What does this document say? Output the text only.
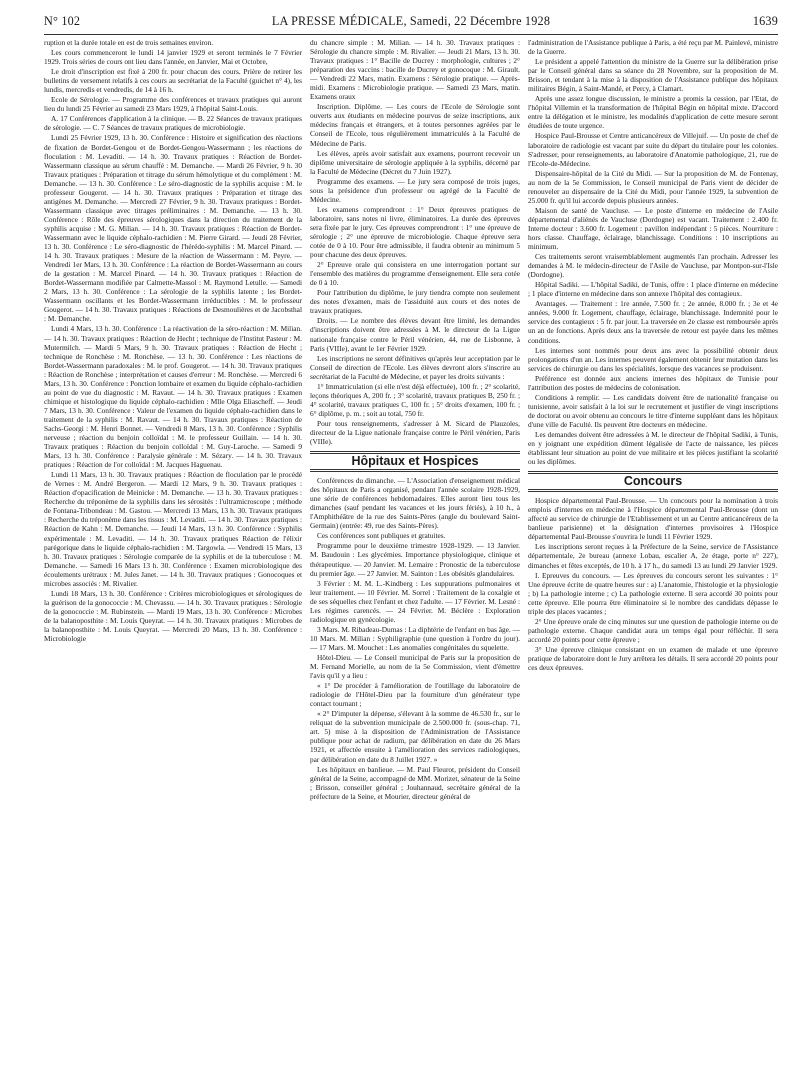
N° 102	LA PRESSE MÉDICALE, Samedi, 22 Décembre 1928	1639

ruption et la durée totale en est de trois semaines environ.

Les cours commenceront le lundi 14 janvier 1929 et seront terminés le 7 Février 1929. Trois séries de cours ont lieu dans l'année, en Janvier, Mai et Octobre,

Le droit d'inscription est fixé à 200 fr. pour chacun des cours. Prière de retirer les bulletins de versement relatifs à ces cours au secrétariat de la Faculté (guichet n° 4), les lundis, mercredis et vendredis, de 14 à 16 h.

Ecole de Sérologie. — Programme des conférences et travaux pratiques qui auront lieu du lundi 25 Février au samedi 23 Mars 1929, à l'hôpital Saint-Louis.

A. 17 Conférences d'application à la clinique. — B. 22 Séances de travaux pratiques de sérologie. — C. 7 Séances de travaux pratiques de microbiologie.

Lundi 25 Février 1929, 13 h. 30. Conférence : Histoire et signification des réactions de fixation de Bordet-Gengou et de Bordet-Gengou-Wassermann ; les réactions de floculation : M. Levaditi. — 14 h. 30. Travaux pratiques : Réaction de Bordet-Wassermann classique au sérum chauffé : M. Demanche. — Mardi 26 Février, 9 h. 30 Travaux pratiques : Préparation et titrage du sérum hémolytique et du complément : M. Demanche. — 13 h. 30. Conférence : Le séro-diagnostic de la syphilis acquise : M. le professeur Gougerot. — 14 h. 30. Travaux pratiques : Préparation et titrage des antigènes M. Demanche. — Mercredi 27 Février, 9 h. 30. Travaux pratiques : Bordet-Wassermann classique avec titrages préliminaires : M. Demanche. — 13 h. 30. Conférence : Rôle des épreuves sérologiques dans la direction du traitement de la syphilis acquise : M. G. Milian. — 14 h. 30. Travaux pratiques : Réaction de Bordet-Wassermann avec le liquide céphalo-rachidien : M. Pierre Girard. — Jeudi 28 Février, 13 h. 30. Conférence : Le séro-diagnostic de l'hérédo-syphilis : M. Marcel Pinard. — 14 h. 30. Travaux pratiques : Mesure de la réaction de Wassermann : M. Peyre. — Vendredi 1er Mars, 13 h. 30. Conférence : La réaction de Bordet-Wassermann au cours de la gestation : M. Marcel Pinard. — 14 h. 30. Travaux pratiques : Réaction de Bordet-Wassermann modifiée par Calmette-Massol : M. Raymond Letulle. — Samedi 2 Mars, 13 h. 30. Conférence : La sérologie de la syphilis latente ; les Bordet-Wassermann oscillants et les Bordet-Wassermann irréductibles : M. le professeur Gougerot. — 14 h. 30. Travaux pratiques : Réactions de Desmoulières et de Jacobsthal : M. Demanche.

Lundi 4 Mars, 13 h. 30. Conférence : La réactivation de la séro-réaction : M. Milian. — 14 h. 30. Travaux pratiques : Réaction de Hecht ; technique de l'Institut Pasteur : M. Mutermilch. — Mardi 5 Mars, 9 h. 30. Travaux pratiques : Réaction de Hecht ; technique de Ronchèse : M. Ronchèse. — 13 h. 30. Conférence : Les réactions de Bordet-Wassermann paradoxales : M. le prof. Gougerot. — 14 h. 30. Travaux pratiques : Réaction de Ronchèse ; interprétation et causes d'erreur : M. Ronchèse. — Mercredi 6 Mars, 13 h. 30. Conférence : Ponction lombaire et examen du liquide céphalo-rachidien au point de vue du diagnostic : M. Ravaut. — 14 h. 30. Travaux pratiques : Examen chimique et histologique du liquide céphalo-rachidien : Mlle Olga Eliascheff. — Jeudi 7 Mars, 13 h. 30. Conférence : Valeur de l'examen du liquide céphalo-rachidien dans le traitement de la syphilis : M. Ravaut. — 14 h. 30. Travaux pratiques : Réaction de Sachs-Georgi : M. Henri Bonnet. — Vendredi 8 Mars, 13 h. 30. Conférence : Syphilis nerveuse ; réaction du benjoin colloïdal : M. le professeur Guillain. — 14 h. 30. Travaux pratiques : Réaction du benjoin colloïdal : M. Guy-Laroche. — Samedi 9 Mars, 13 h. 30. Conférence : Paralysie générale : M. Sézary. — 14 h. 30. Travaux pratiques : Réaction de l'or colloïdal : M. Jacques Haguenau.

Lundi 11 Mars, 13 h. 30. Travaux pratiques : Réaction de floculation par le procédé de Vernes : M. André Bergeron. — Mardi 12 Mars, 9 h. 30. Travaux pratiques : Réaction d'opacification de Meinicke : M. Demanche. — 13 h. 30. Travaux pratiques : Recherche du tréponème de la syphilis dans les sérosités : l'ultramicroscope ; méthode de Fontana-Tribondeau : M. Gastou. — Mercredi 13 Mars, 13 h. 30. Travaux pratiques : Recherche du tréponème dans les tissus : M. Levaditi. — 14 h. 30. Travaux pratiques : Réaction de Kahn : M. Demanche. — Jeudi 14 Mars, 13 h. 30. Conférence : Syphilis expérimentale : M. Levaditi. — 14 h. 30. Travaux pratiques Réaction de l'élixir parégorique dans le liquide céphalo-rachidien : M. Targowla. — Vendredi 15 Mars, 13 h. 30. Travaux pratiques : Sérologie comparée de la syphilis et de la tuberculose : M. Demanche. — Samedi 16 Mars 13 h. 30. Conférence : Examen microbiologique des écoulements urétraux : M. Jules Janet. — 14 h. 30. Travaux pratiques : Gonocoques et microbes associés : M. Rivalier.

Lundi 18 Mars, 13 h. 30. Conférence : Critères microbiologiques et sérologiques de la guérison de la gonococcie : M. Chevassu. — 14 h. 30. Travaux pratiques : Sérologie de la gonococcie : M. Rubinstein. — Mardi 19 Mars, 13 h. 30. Conférence : Microbes de la balanoposthite : M. Louis Queyrat. — 14 h. 30. Travaux pratiques : Microbes de la balanoposthite : M. Louis Queyrat. — Mercredi 20 Mars, 13 h. 30. Conférence : Microbiologie

du chancre simple : M. Milian. — 14 h. 30. Travaux pratiques : Sérologie du chancre simple : M. Rivalier. — Jeudi 21 Mars, 13 h. 30. Travaux pratiques : 1° Bacille de Ducrey : morphologie, cultures ; 2° préparation des vaccins : bacille de Ducrey et gonocoque : M. Girault. — Vendredi 22 Mars, matin. Examens : Sérologie pratique. — Après-midi. Examens : Microbiologie pratique. — Samedi 23 Mars, matin. Examens oraux

Inscription. Diplôme. — Les cours de l'Ecole de Sérologie sont ouverts aux étudiants en médecine pourvus de seize inscriptions, aux médecins français et étrangers, et à toutes personnes agréées par le Conseil de l'Ecole, tous régulièrement immatriculés à la Faculté de Médecine de Paris.

Les élèves, après avoir satisfait aux examens, pourront recevoir un diplôme universitaire de sérologie appliquée à la syphilis, décerné par la Faculté de Médecine (Décret du 7 Juin 1927).

Programme des examens. — Le jury sera composé de trois juges, sous la présidence d'un professeur ou agrégé de la Faculté de Médecine.

Les examens comprendront : 1° Deux épreuves pratiques de laboratoire, sans notes ni livre, éliminatoires. La durée des épreuves sera fixée par le jury. Ces épreuves comprendront : 1° une épreuve de sérologie ; 2° une épreuve de microbiologie. Chaque épreuve sera cotée de 0 à 10. Pour être admissible, il faudra obtenir au minimum 5 pour chacune des deux épreuves.

2° Epreuve orale qui consistera en une interrogation portant sur l'ensemble des matières du programme d'enseignement. Elle sera cotée de 0 à 10.

Pour l'attribution du diplôme, le jury tiendra compte non seulement des notes d'examen, mais de l'assiduité aux cours et des notes de travaux pratiques.

Droits. — Le nombre des élèves devant être limité, les demandes d'inscriptions doivent être adressées à M. le directeur de la Ligue nationale française contre le Péril vénérien, 44, rue de Lisbonne, à Paris (VIIIe), avant le 1er Février 1929.

Les inscriptions ne seront définitives qu'après leur acceptation par le Conseil de direction de l'Ecole. Les élèves devront alors s'inscrire au secrétariat de la Faculté de Médecine, et payer les droits suivants :

1° Immatriculation (si elle n'est déjà effectuée), 100 fr. ; 2° scolarité, leçons théoriques A, 200 fr. ; 3° scolarité, travaux pratiques B, 250 fr. ; 4° scolarité, travaux pratiques C, 100 fr. ; 5° droits d'examen, 100 fr. ; 6° diplôme, p. m. ; soit au total, 750 fr.

Pour tous renseignements, s'adresser à M. Sicard de Plauzoles, directeur de la Ligue nationale française contre le Péril vénérien, Paris (VIIIe).

Hôpitaux et Hospices

Conférences du dimanche. — L'Association d'enseignement médical des hôpitaux de Paris a organisé, pendant l'année scolaire 1928-1929, une série de conférences hebdomadaires. Elles auront lieu tous les dimanches (sauf pendant les vacances et les jours fériés), à 10 h., à l'Amphithéâtre de la rue des Saints-Pères (angle du boulevard Saint-Germain) (entrée: 49, rue des Saints-Pères).

Ces conférences sont publiques et gratuites.

Programme pour le deuxième trimestre 1928-1929. — 13 Janvier. M. Baudouin : Les glycémies. Importance physiologique, clinique et thérapeutique. — 20 Janvier. M. Lemaire : Pronostic de la tuberculose du premier âge. — 27 Janvier. M. Sainton : Les obésités glandulaires.

3 Février : M. M. L.-Kindberg : Les suppurations pulmonaires et leur traitement. — 10 Février. M. Sorrel : Traitement de la coxalgie et de ses séquelles chez l'enfant et chez l'adulte. — 17 Février. M. Lesné : Les régimes carencés. — 24 Février. M. Béclère : Exploration radiologique en gynécologie.

3 Mars. M. Ribadeau-Dumas : La diphtérie de l'enfant en bas âge. — 10 Mars. M. Milian : Syphiligraphie (une question à l'ordre du jour). — 17 Mars. M. Mouchet : Les anomalies congénitales du squelette.

Hôtel-Dieu. — Le Conseil municipal de Paris sur la proposition de M. Fernand Morielle, au nom de la 5e Commission, vient d'émettre l'avis qu'il y a lieu :

« 1° De procéder à l'amélioration de l'outillage du laboratoire de radiologie de l'Hôtel-Dieu par la fourniture d'un générateur type contact tournant ;

« 2° D'imputer la dépense, s'élevant à la somme de 46.530 fr., sur le reliquat de la subvention municipale de 2.500.000 fr. (sous-chap. 71, art. 5) mise à la disposition de l'Administration de l'Assistance publique pour achat de radium, par délibération en date du 26 Mars 1921, et affectée ensuite à l'amélioration des services radiologiques, par délibération en date du 8 Juillet 1927. »

Les hôpitaux en banlieue. — M. Paul Fleurot, président du Conseil général de la Seine, accompagné de MM. Morizet, sénateur de la Seine ; Brisson, conseiller général ; Jouhannaud, secrétaire général de la préfecture de la Seine, et Mourier, directeur général de

l'administration de l'Assistance publique à Paris, a été reçu par M. Painlevé, ministre de la Guerre.

Le président a appelé l'attention du ministre de la Guerre sur la délibération prise par le Conseil général dans sa séance du 28 Novembre, sur la proposition de M. Brisson, et tendant à la mise à la disposition de l'Assistance publique des hôpitaux militaires Bégin, à Saint-Mandé, et Percy, à Clamart.

Après une assez longue discussion, le ministre a promis la cession, par l'Etat, de l'hôpital Villemin et la transformation de l'hôpital Bégin en hôpital mixte. D'accord entre la délégation et le ministre, les modalités d'application de cette mesure seront étudiées de toute urgence.

Hospice Paul-Brousse et Centre anticancéreux de Villejuif. — Un poste de chef de laboratoire de radiologie est vacant par suite du départ du titulaire pour les colonies. S'adresser, pour renseignements, au laboratoire d'Anatomie pathologique, 21, rue de l'Ecole-de-Médecine.

Dispensaire-hôpital de la Cité du Midi. — Sur la proposition de M. de Fontenay, au nom de la 5e Commission, le Conseil municipal de Paris vient de décider de renouveler au dispensaire de la Cité du Midi, pour l'année 1929, la subvention de 25.000 fr. qu'il lui accorde depuis plusieurs années.

Maison de santé de Vaucluse. — Le poste d'interne en médecine de l'Asile départemental d'aliénés de Vaucluse (Dordogne) est vacant. Traitement : 2.400 fr. Interne docteur : 3.600 fr. Logement : pavillon indépendant : 5 pièces. Nourriture : hors classe. Chauffage, éclairage, blanchissage. Conditions : 10 inscriptions au minimum.

Ces traitements seront vraisemblablement augmentés l'an prochain. Adresser les demandes à M. le médecin-directeur de l'Asile de Vaucluse, par Montpon-sur-l'Isle (Dordogne).

Hôpital Sadiki. — L'hôpital Sadiki, de Tunis, offre : 1 place d'interne en médecine ; 1 place d'interne en médecine dans son annexe l'hôpital des contagieux.

Avantages. — Traitement : 1re année, 7.500 fr. ; 2e année, 8.000 fr. ; 3e et 4e années, 9.000 fr. Logement, chauffage, éclairage, blanchissage. Indemnité pour le service des contagieux : 5 fr. par jour. La traversée en 2e classe est remboursée après un an de fonctions. Après deux ans la traversée de retour est payée dans les mêmes conditions.

Les internes sont nommés pour deux ans avec la possibilité obtenir deux prolongations d'un an. Les internes peuvent également obtenir leur mutation dans les services de chirurgie ou dans les spécialités, lorsque des vacances se produisent.

Préférence est donnée aux anciens internes des hôpitaux de Tunisie pour l'attribution des postes de médecins de colonisation.

Conditions à remplir. — Les candidats doivent être de nationalité française ou tunisienne, avoir satisfait à la loi sur le recrutement et justifier de vingt inscriptions de doctorat ou avoir obtenu au concours le titre d'interne suppléant dans les hôpitaux d'une ville de Faculté. Ils peuvent être docteurs en médecine.

Les demandes doivent être adressées à M. le directeur de l'hôpital Sadiki, à Tunis, en y joignant une expédition dûment légalisée de l'acte de naissance, les pièces établissant leur situation au point de vue militaire et les pièces justifiant la scolarité ou les diplômes.

Concours

Hospice départemental Paul-Brousse. — Un concours pour la nomination à trois emplois d'internes en médecine à l'Hospice départemental Paul-Brousse (dont un affecté au service de chirurgie de l'Etablissement et un au Centre anticancéreux de la banlieue parisienne) et la désignation d'internes provisoires à l'Hospice départemental Paul-Brousse s'ouvrira le lundi 11 Février 1929.

Les inscriptions seront reçues à la Préfecture de la Seine, service de l'Assistance départementale, 2e bureau (annexe Lobau, escalier A, 2e étage, porte n° 227), dimanches et fêtes exceptés, de 10 h. à 17 h., du samedi 13 au lundi 29 Janvier 1929.

I. Epreuves du concours. — Les épreuves du concours seront les suivantes : 1° Une épreuve écrite de quatre heures sur : a) L'anatomie, l'histologie et la physiologie ; b) La pathologie interne ; c) La pathologie externe. Il sera accordé 30 points pour cette épreuve. Elle pourra être éliminatoire si le nombre des candidats dépasse le triple des places vacantes ;

2° Une épreuve orale de cinq minutes sur une question de pathologie interne ou de pathologie externe. Chaque candidat aura un temps égal pour réfléchir. Il sera accordé 20 points pour cette épreuve ;

3° Une épreuve clinique consistant en un examen de malade et une épreuve pratique de laboratoire dont le Jury arrêtera les détails. Il sera accordé 20 points pour ces deux épreuves.
